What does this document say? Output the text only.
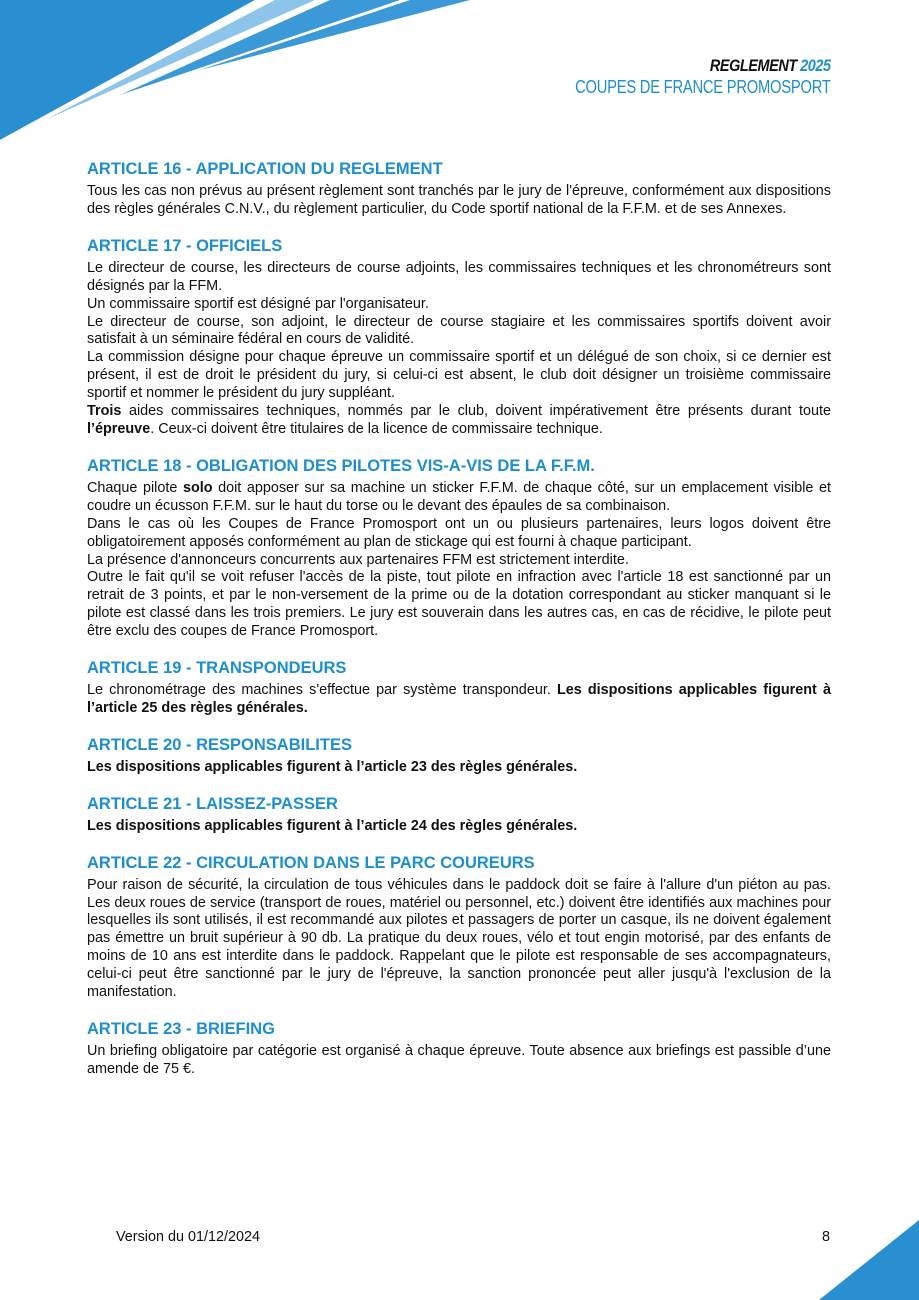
REGLEMENT 2025
COUPES DE FRANCE PROMOSPORT
ARTICLE 16 - APPLICATION DU REGLEMENT

Tous les cas non prévus au présent règlement sont tranchés par le jury de l'épreuve, conformément aux dispositions des règles générales C.N.V., du règlement particulier, du Code sportif national de la F.F.M. et de ses Annexes.

ARTICLE 17 - OFFICIELS

Le directeur de course, les directeurs de course adjoints, les commissaires techniques et les chronométreurs sont désignés par la FFM.

Un commissaire sportif est désigné par l'organisateur.

Le directeur de course, son adjoint, le directeur de course stagiaire et les commissaires sportifs doivent avoir satisfait à un séminaire fédéral en cours de validité.

La commission désigne pour chaque épreuve un commissaire sportif et un délégué de son choix, si ce dernier est présent, il est de droit le président du jury, si celui-ci est absent, le club doit désigner un troisième commissaire sportif et nommer le président du jury suppléant.

Trois aides commissaires techniques, nommés par le club, doivent impérativement être présents durant toute l’épreuve. Ceux-ci doivent être titulaires de la licence de commissaire technique.

ARTICLE 18 - OBLIGATION DES PILOTES VIS-A-VIS DE LA F.F.M.

Chaque pilote solo doit apposer sur sa machine un sticker F.F.M. de chaque côté, sur un emplacement visible et coudre un écusson F.F.M. sur le haut du torse ou le devant des épaules de sa combinaison.

Dans le cas où les Coupes de France Promosport ont un ou plusieurs partenaires, leurs logos doivent être obligatoirement apposés conformément au plan de stickage qui est fourni à chaque participant.

La présence d'annonceurs concurrents aux partenaires FFM est strictement interdite.

Outre le fait qu'il se voit refuser l'accès de la piste, tout pilote en infraction avec l'article 18 est sanctionné par un retrait de 3 points, et par le non-versement de la prime ou de la dotation correspondant au sticker manquant si le pilote est classé dans les trois premiers. Le jury est souverain dans les autres cas, en cas de récidive, le pilote peut être exclu des coupes de France Promosport.

ARTICLE 19 - TRANSPONDEURS

Le chronométrage des machines s'effectue par système transpondeur. Les dispositions applicables figurent à l’article 25 des règles générales.

ARTICLE 20 - RESPONSABILITES

Les dispositions applicables figurent à l’article 23 des règles générales.

ARTICLE 21 - LAISSEZ-PASSER

Les dispositions applicables figurent à l’article 24 des règles générales.

ARTICLE 22 - CIRCULATION DANS LE PARC COUREURS

Pour raison de sécurité, la circulation de tous véhicules dans le paddock doit se faire à l'allure d'un piéton au pas. Les deux roues de service (transport de roues, matériel ou personnel, etc.) doivent être identifiés aux machines pour lesquelles ils sont utilisés, il est recommandé aux pilotes et passagers de porter un casque, ils ne doivent également pas émettre un bruit supérieur à 90 db. La pratique du deux roues, vélo et tout engin motorisé, par des enfants de moins de 10 ans est interdite dans le paddock. Rappelant que le pilote est responsable de ses accompagnateurs, celui-ci peut être sanctionné par le jury de l'épreuve, la sanction prononcée peut aller jusqu'à l'exclusion de la manifestation.

ARTICLE 23 - BRIEFING

Un briefing obligatoire par catégorie est organisé à chaque épreuve. Toute absence aux briefings est passible d’une amende de 75 €.

Version du 01/12/2024	8
